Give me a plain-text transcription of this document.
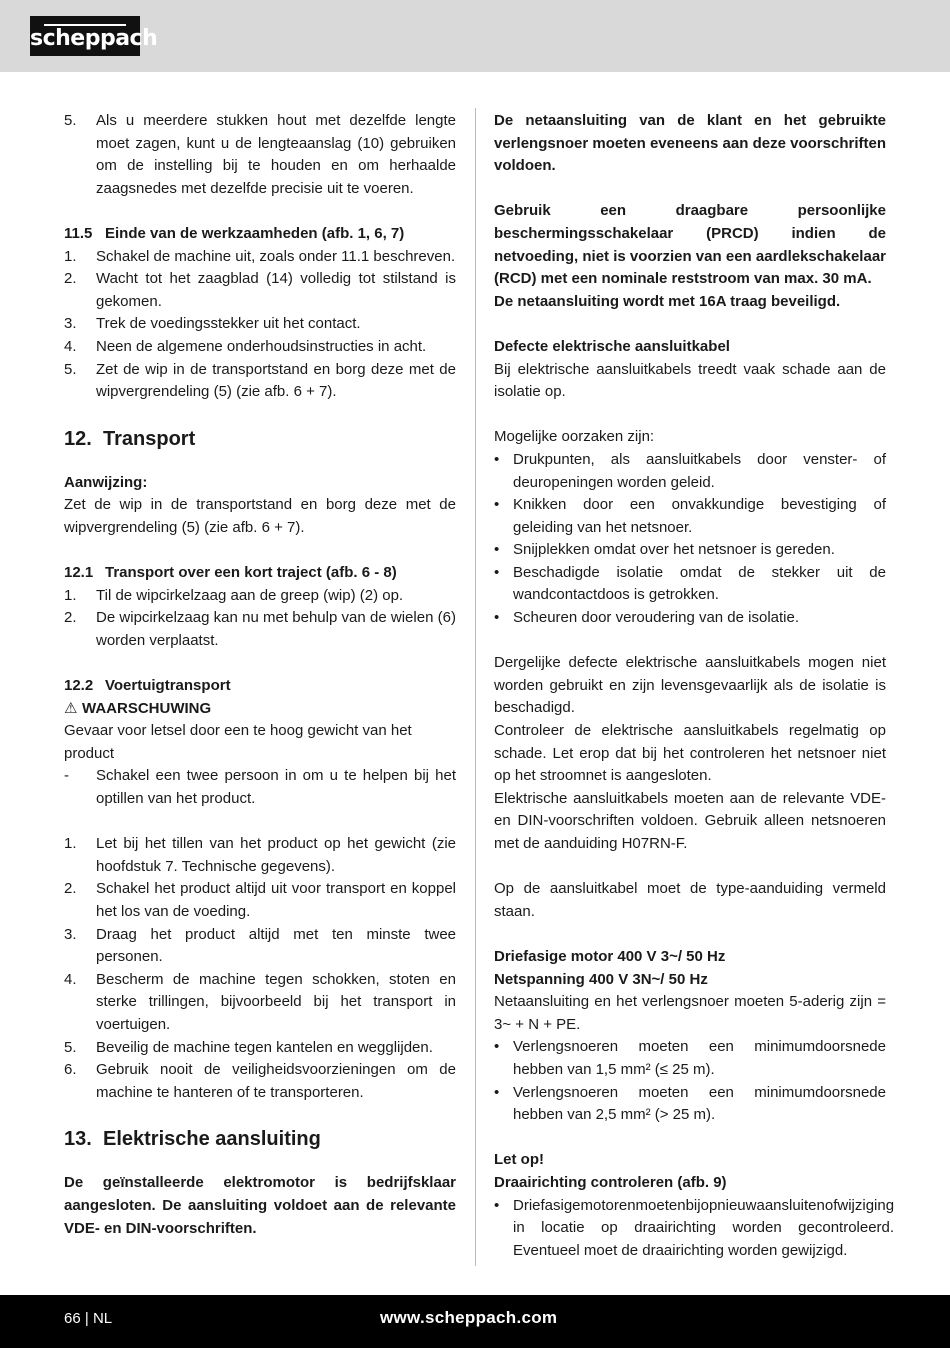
scheppach
5.	Als u meerdere stukken hout met dezelfde lengte moet zagen, kunt u de lengteaanslag (10) gebruiken om de instelling bij te houden en om herhaalde zaagsnedes met dezelfde precisie uit te voeren.
11.5 Einde van de werkzaamheden (afb. 1, 6, 7)
1.	Schakel de machine uit, zoals onder 11.1 beschreven.
2.	Wacht tot het zaagblad (14) volledig tot stilstand is gekomen.
3.	Trek de voedingsstekker uit het contact.
4.	Neen de algemene onderhoudsinstructies in acht.
5.	Zet de wip in de transportstand en borg deze met de wipvergrendeling (5) (zie afb. 6 + 7).
12. Transport

Aanwijzing:

Zet de wip in de transportstand en borg deze met de wipvergrendeling (5) (zie afb. 6 + 7).

12.1 Transport over een kort traject (afb. 6 - 8)
1.	Til de wipcirkelzaag aan de greep (wip) (2) op.
2.	De wipcirkelzaag kan nu met behulp van de wielen (6) worden verplaatst.
12.2 Voertuigtransport
⚠ WAARSCHUWING

Gevaar voor letsel door een te hoog gewicht van het product

-	Schakel een twee persoon in om u te helpen bij het optillen van het product.
1.	Let bij het tillen van het product op het gewicht (zie hoofdstuk 7. Technische gegevens).
2.	Schakel het product altijd uit voor transport en koppel het los van de voeding.
3.	Draag het product altijd met ten minste twee personen.
4.	Bescherm de machine tegen schokken, stoten en sterke trillingen, bijvoorbeeld bij het transport in voertuigen.
5.	Beveilig de machine tegen kantelen en wegglijden.
6.	Gebruik nooit de veiligheidsvoorzieningen om de machine te hanteren of te transporteren.
13. Elektrische aansluiting

De geïnstalleerde elektromotor is bedrijfsklaar aangesloten. De aansluiting voldoet aan de relevante VDE- en DIN-voorschriften.

De netaansluiting van de klant en het gebruikte verlengsnoer moeten eveneens aan deze voorschriften voldoen.

Gebruik een draagbare persoonlijke beschermingsschakelaar (PRCD) indien de netvoeding, niet is voorzien van een aardlekschakelaar (RCD) met een nominale reststroom van max. 30 mA.

De netaansluiting wordt met 16A traag beveiligd.

Defecte elektrische aansluitkabel

Bij elektrische aansluitkabels treedt vaak schade aan de isolatie op.

Mogelijke oorzaken zijn:

• Drukpunten, als aansluitkabels door venster- of deuropeningen worden geleid.
• Knikken door een onvakkundige bevestiging of geleiding van het netsnoer.
• Snijplekken omdat over het netsnoer is gereden.
• Beschadigde isolatie omdat de stekker uit de wandcontactdoos is getrokken.
• Scheuren door veroudering van de isolatie.

Dergelijke defecte elektrische aansluitkabels mogen niet worden gebruikt en zijn levensgevaarlijk als de isolatie is beschadigd.

Controleer de elektrische aansluitkabels regelmatig op schade. Let erop dat bij het controleren het netsnoer niet op het stroomnet is aangesloten.

Elektrische aansluitkabels moeten aan de relevante VDE- en DIN-voorschriften voldoen. Gebruik alleen netsnoeren met de aanduiding H07RN-F.

Op de aansluitkabel moet de type-aanduiding vermeld staan.

Driefasige motor 400 V 3~/ 50 Hz

Netspanning 400 V 3N~/ 50 Hz

Netaansluiting en het verlengsnoer moeten 5-aderig zijn = 3~ + N + PE.

• Verlengsnoeren moeten een minimumdoorsnede hebben van 1,5 mm² (≤ 25 m).
• Verlengsnoeren moeten een minimumdoorsnede hebben van 2,5 mm² (> 25 m).

Let op!

Draairichting controleren (afb. 9)

• Driefasigemotorenmoetenbijopnieuwaansluitenofwijziging in locatie op draairichting worden gecontroleerd. Eventueel moet de draairichting worden gewijzigd.
66 | NL	www.scheppach.com
